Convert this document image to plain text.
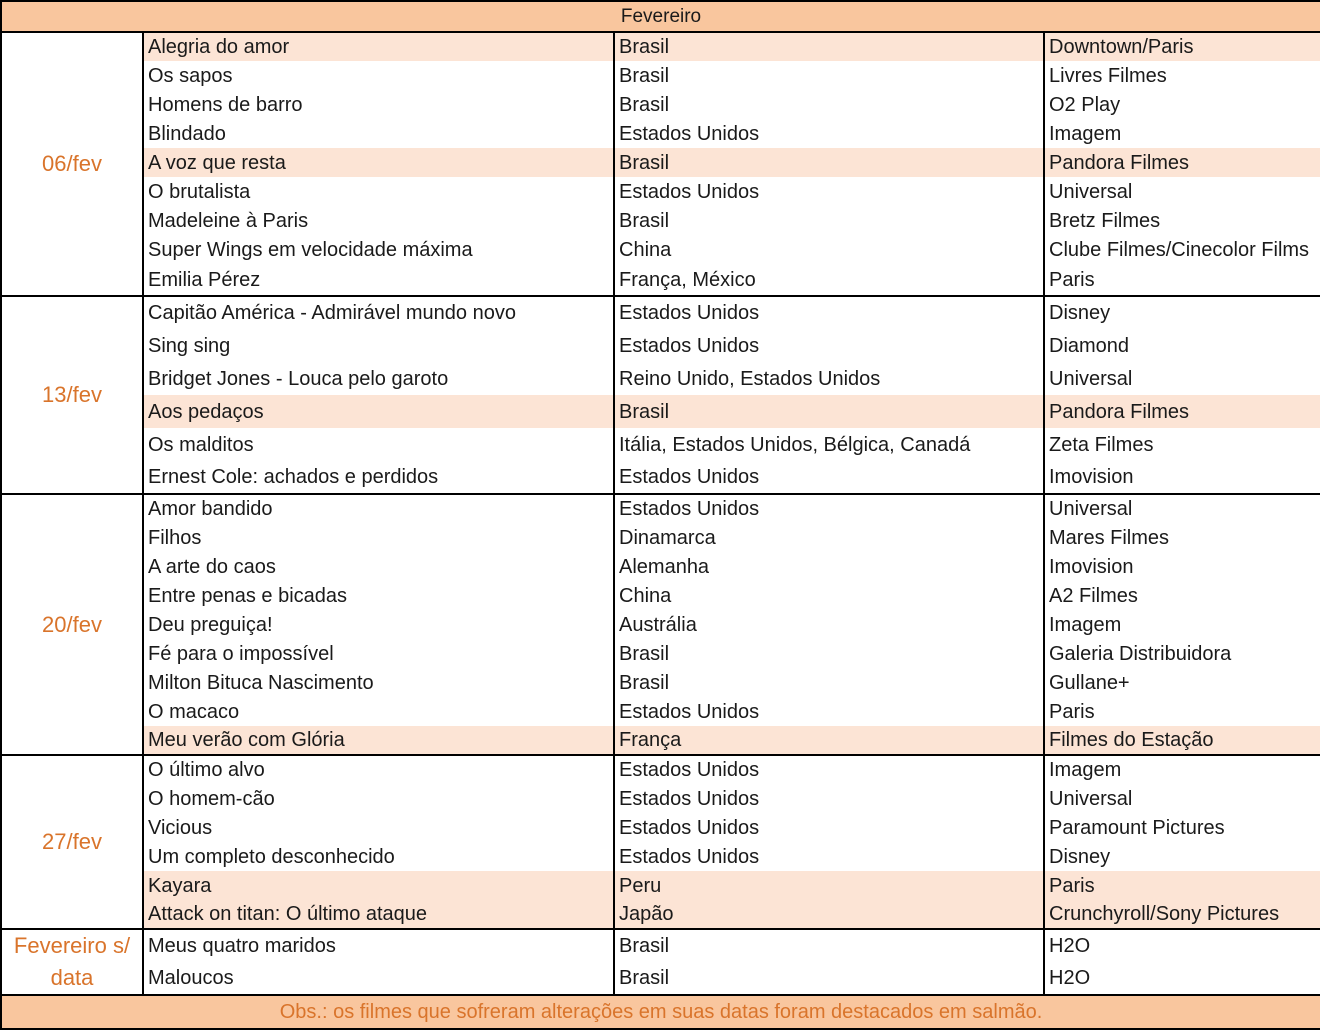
Fevereiro			
06/fev	Alegria do amor	Brasil	Downtown/Paris
	Os sapos	Brasil	Livres Filmes
	Homens de barro	Brasil	O2 Play
	Blindado	Estados Unidos	Imagem
	A voz que resta	Brasil	Pandora Filmes
	O brutalista	Estados Unidos	Universal
	Madeleine à Paris	Brasil	Bretz Filmes
	Super Wings em velocidade máxima	China	Clube Filmes/Cinecolor Films
	Emilia Pérez	França, México	Paris
13/fev	Capitão América - Admirável mundo novo	Estados Unidos	Disney
	Sing sing	Estados Unidos	Diamond
	Bridget Jones - Louca pelo garoto	Reino Unido, Estados Unidos	Universal
	Aos pedaços	Brasil	Pandora Filmes
	Os malditos	Itália, Estados Unidos, Bélgica, Canadá	Zeta Filmes
	Ernest Cole: achados e perdidos	Estados Unidos	Imovision
20/fev	Amor bandido	Estados Unidos	Universal
	Filhos	Dinamarca	Mares Filmes
	A arte do caos	Alemanha	Imovision
	Entre penas e bicadas	China	A2 Filmes
	Deu preguiça!	Austrália	Imagem
	Fé para o impossível	Brasil	Galeria Distribuidora
	Milton Bituca Nascimento	Brasil	Gullane+
	O macaco	Estados Unidos	Paris
	Meu verão com Glória	França	Filmes do Estação
27/fev	O último alvo	Estados Unidos	Imagem
	O homem-cão	Estados Unidos	Universal
	Vicious	Estados Unidos	Paramount Pictures
	Um completo desconhecido	Estados Unidos	Disney
	Kayara	Peru	Paris
	Attack on titan: O último ataque	Japão	Crunchyroll/Sony Pictures
Fevereiro s/ data	Meus quatro maridos	Brasil	H2O
	Maloucos	Brasil	H2O
Obs.: os filmes que sofreram alterações em suas datas foram destacados em salmão.			
